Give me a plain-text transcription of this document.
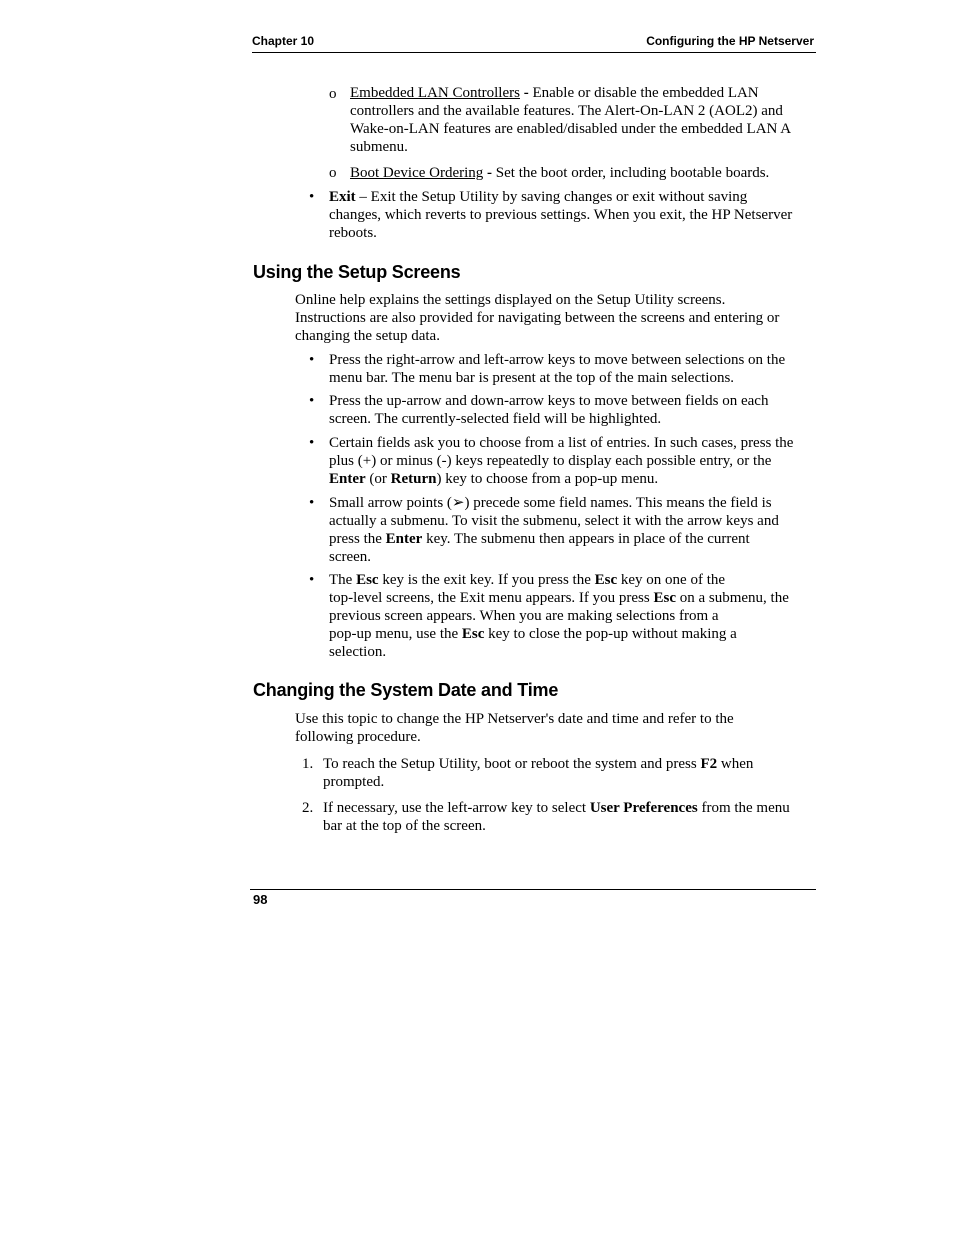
Chapter 10	Configuring the HP Netserver
o Embedded LAN Controllers - Enable or disable the embedded LAN
controllers and the available features. The Alert-On-LAN 2 (AOL2) and
Wake-on-LAN features are enabled/disabled under the embedded LAN A
submenu.
o Boot Device Ordering - Set the boot order, including bootable boards.
• Exit – Exit the Setup Utility by saving changes or exit without saving
changes, which reverts to previous settings. When you exit, the HP Netserver
reboots.
Using the Setup Screens
Online help explains the settings displayed on the Setup Utility screens.
Instructions are also provided for navigating between the screens and entering or
changing the setup data.
• Press the right-arrow and left-arrow keys to move between selections on the
menu bar. The menu bar is present at the top of the main selections.
• Press the up-arrow and down-arrow keys to move between fields on each
screen. The currently-selected field will be highlighted.
• Certain fields ask you to choose from a list of entries. In such cases, press the
plus (+) or minus (-) keys repeatedly to display each possible entry, or the
Enter (or Return) key to choose from a pop-up menu.
• Small arrow points (➢) precede some field names. This means the field is
actually a submenu. To visit the submenu, select it with the arrow keys and
press the Enter key. The submenu then appears in place of the current
screen.
• The Esc key is the exit key. If you press the Esc key on one of the
top-level screens, the Exit menu appears. If you press Esc on a submenu, the
previous screen appears. When you are making selections from a
pop-up menu, use the Esc key to close the pop-up without making a
selection.
Changing the System Date and Time
Use this topic to change the HP Netserver's date and time and refer to the
following procedure.
1. To reach the Setup Utility, boot or reboot the system and press F2 when
prompted.
2. If necessary, use the left-arrow key to select User Preferences from the menu
bar at the top of the screen.
98
